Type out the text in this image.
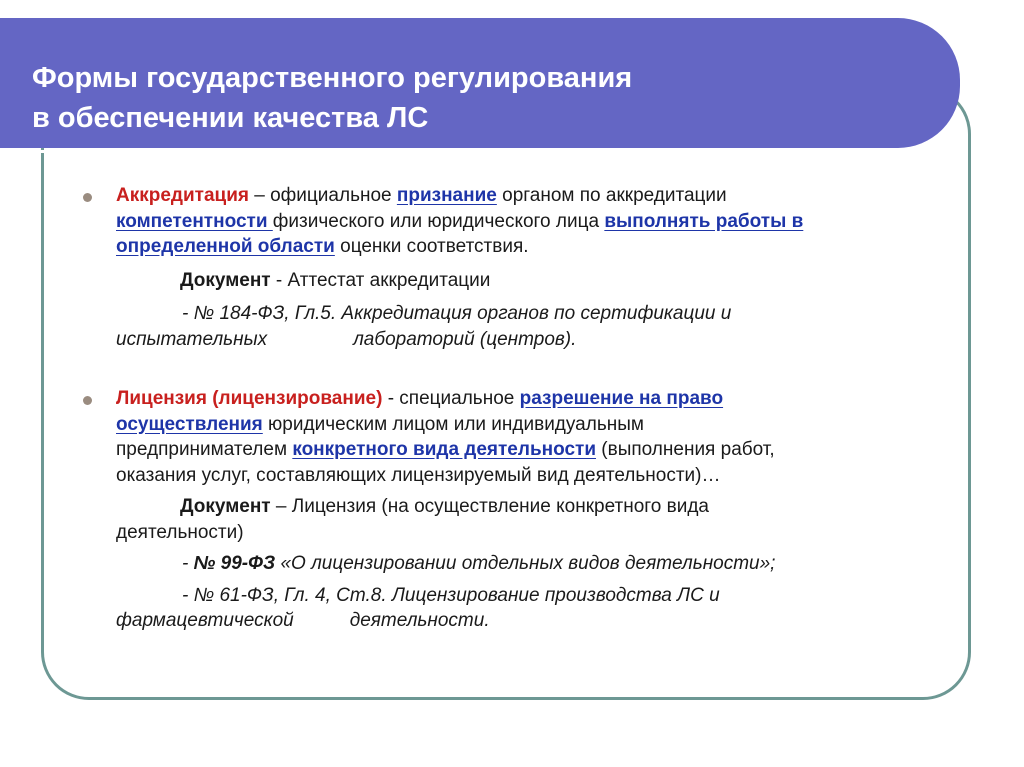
Формы государственного регулирования
в обеспечении качества ЛС

Аккредитация – официальное признание органом по аккредитации
компетентности физического или юридического лица выполнять работы в
определенной области оценки соответствия.

Документ - Аттестат аккредитации

- № 184-ФЗ, Гл.5. Аккредитация органов по сертификации и
испытательных	лабораторий (центров).

Лицензия (лицензирование) - специальное разрешение на право
осуществления юридическим лицом или индивидуальным
предпринимателем конкретного вида деятельности (выполнения работ,
оказания услуг, составляющих лицензируемый вид деятельности)…

Документ – Лицензия (на осуществление конкретного вида
деятельности)

- № 99-ФЗ «О лицензировании отдельных видов деятельности»;

- № 61-ФЗ, Гл. 4, Ст.8. Лицензирование производства ЛС и
фармацевтической	деятельности.
